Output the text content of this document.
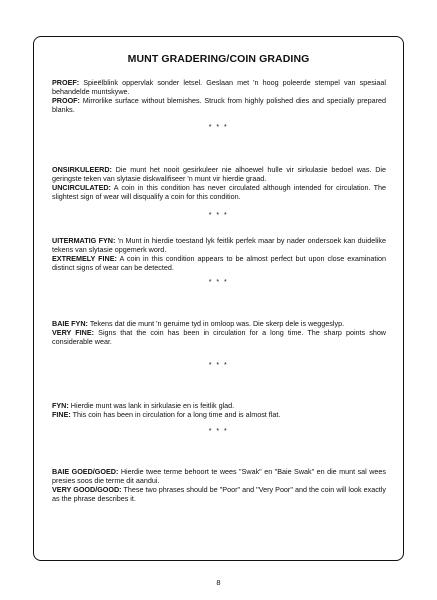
MUNT GRADERING/COIN GRADING

PROEF: Spieëlblink oppervlak sonder letsel. Geslaan met 'n hoog poleerde stempel van spesiaal behandelde muntskywe.

PROOF: Mirrorlike surface without blemishes. Struck from highly polished dies and specially prepared blanks.

* * *

ONSIRKULEERD: Die munt het nooit gesirkuleer nie alhoewel hulle vir sirkulasie bedoel was. Die geringste teken van slytasie diskwalifiseer 'n munt vir hierdie graad.

UNCIRCULATED: A coin in this condition has never circulated although intended for circulation. The slightest sign of wear will disqualify a coin for this condition.

* * *

UITERMATIG FYN: 'n Munt in hierdie toestand lyk feitlik perfek maar by nader ondersoek kan duidelike tekens van slytasie opgemerk word.

EXTREMELY FINE: A coin in this condition appears to be almost perfect but upon close examination distinct signs of wear can be detected.

* * *

BAIE FYN: Tekens dat die munt 'n geruime tyd in omloop was. Die skerp dele is weggeslyp.

VERY FINE: Signs that the coin has been in circulation for a long time. The sharp points show considerable wear.

* * *

FYN: Hierdie munt was lank in sirkulasie en is feitlik glad.

FINE: This coin has been in circulation for a long time and is almost flat.

* * *

BAIE GOED/GOED: Hierdie twee terme behoort te wees "Swak" en "Baie Swak" en die munt sal wees presies soos die terme dit aandui.

VERY GOOD/GOOD: These two phrases should be "Poor" and "Very Poor" and the coin will look exactly as the phrase describes it.

8
